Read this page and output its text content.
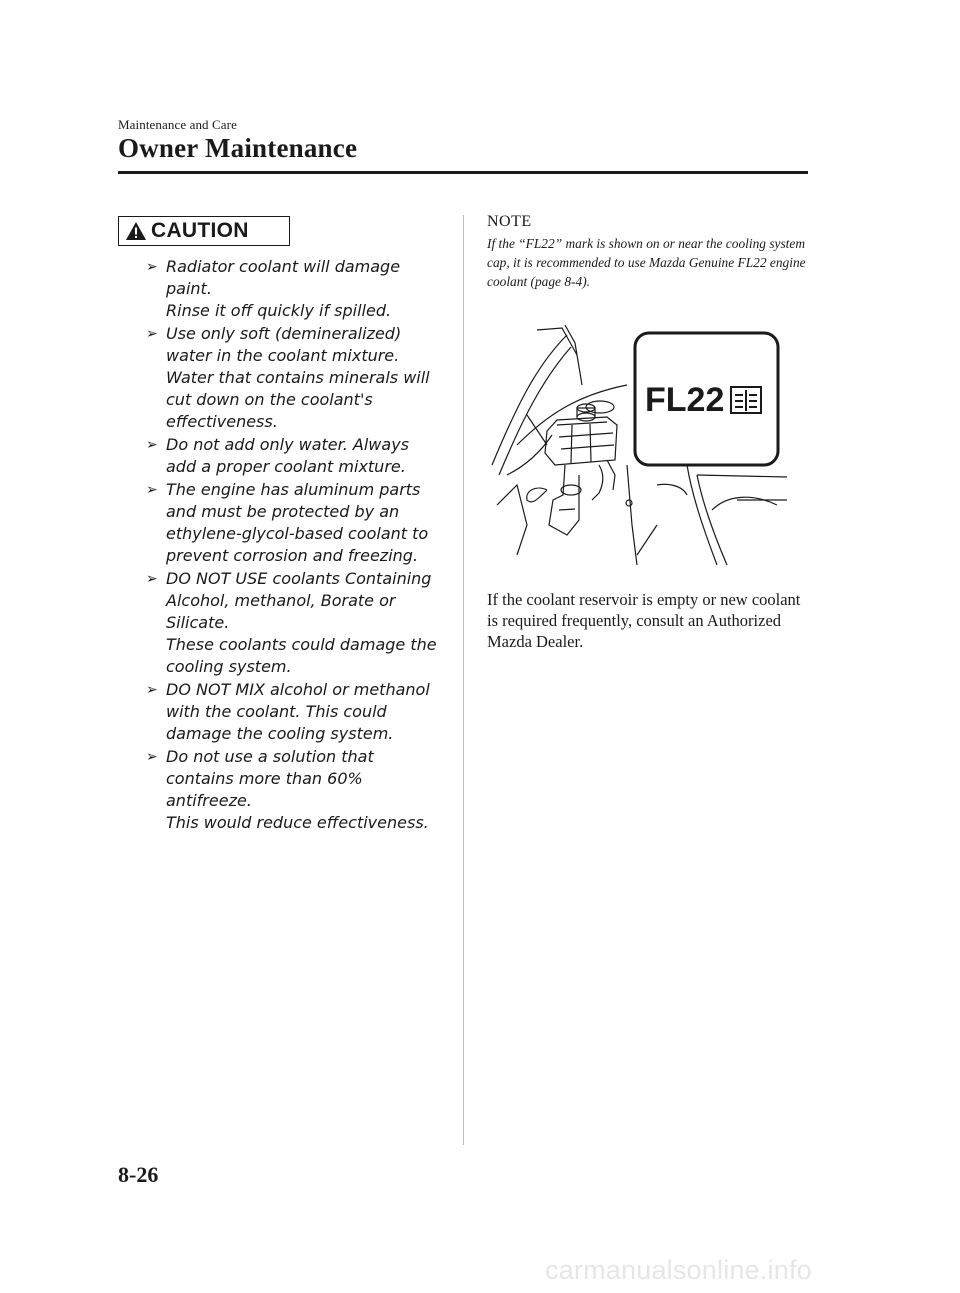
Maintenance and Care
Owner Maintenance
CAUTION
➢ Radiator coolant will damage
paint.
Rinse it off quickly if spilled.
➢ Use only soft (demineralized)
water in the coolant mixture.
Water that contains minerals will
cut down on the coolant's
effectiveness.
➢ Do not add only water. Always
add a proper coolant mixture.
➢ The engine has aluminum parts
and must be protected by an
ethylene-glycol-based coolant to
prevent corrosion and freezing.
➢ DO NOT USE coolants Containing
Alcohol, methanol, Borate or
Silicate.
These coolants could damage the
cooling system.
➢ DO NOT MIX alcohol or methanol
with the coolant. This could
damage the cooling system.
➢ Do not use a solution that
contains more than 60%
antifreeze.
This would reduce effectiveness.
NOTE

If the “FL22” mark is shown on or near the cooling system cap, it is recommended to use Mazda Genuine FL22 engine coolant (page 8-4).

FL22

If the coolant reservoir is empty or new coolant is required frequently, consult an Authorized Mazda Dealer.

8-26
carmanualsonline.info
